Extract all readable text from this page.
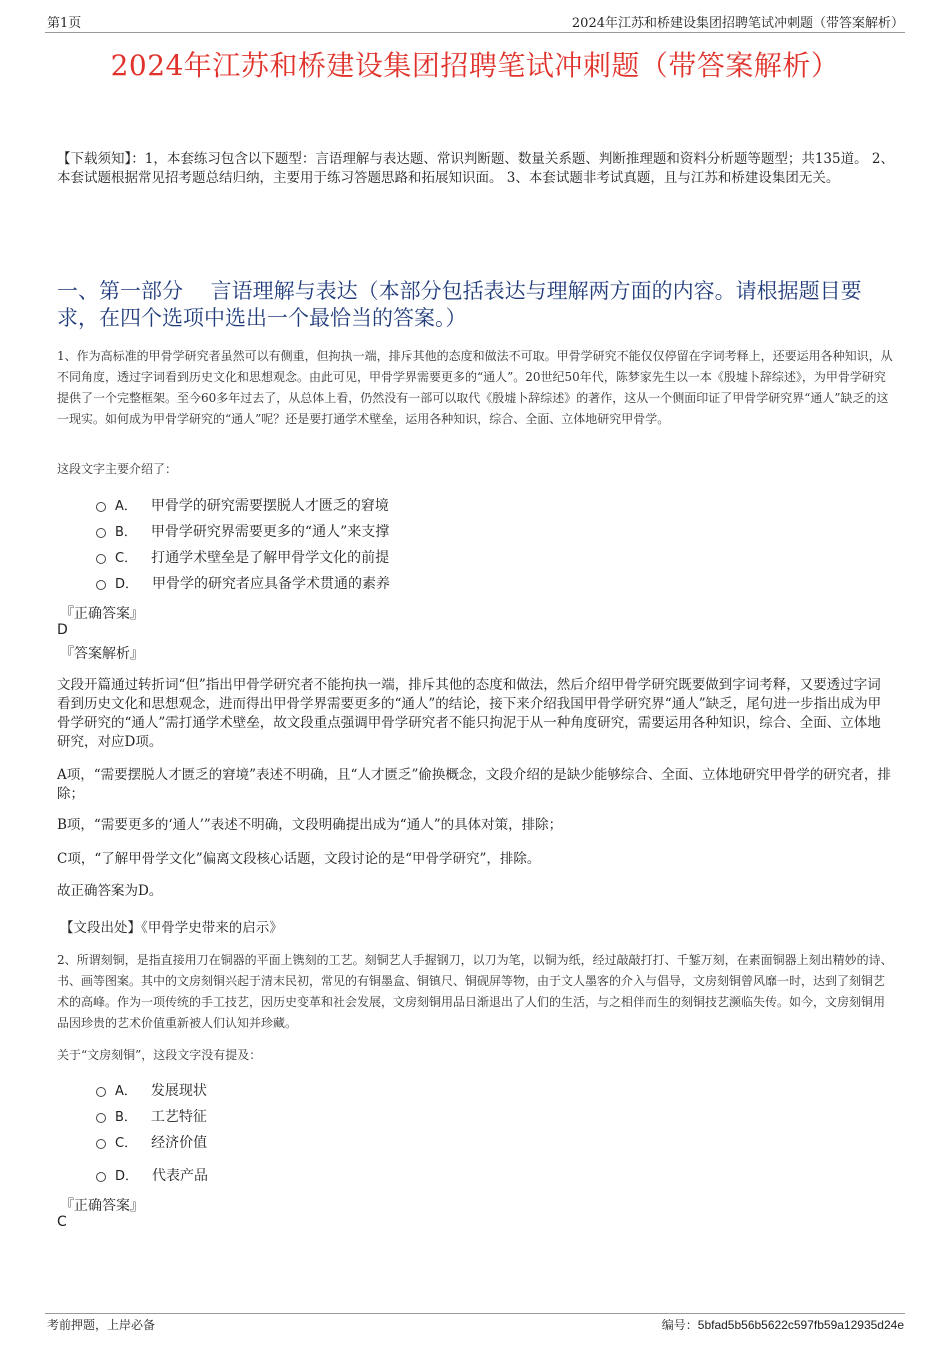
第1页	2024年江苏和桥建设集团招聘笔试冲刺题（带答案解析）
2024年江苏和桥建设集团招聘笔试冲刺题（带答案解析）
【下载须知】：1，本套练习包含以下题型：言语理解与表达题、常识判断题、数量关系题、判断推理题和资料分析题等题型；共135道。 2、本套试题根据常见招考题总结归纳，主要用于练习答题思路和拓展知识面。 3、本套试题非考试真题，且与江苏和桥建设集团无关。
一、第一部分　 言语理解与表达（本部分包括表达与理解两方面的内容。请根据题目要求，在四个选项中选出一个最恰当的答案。）
1、作为高标准的甲骨学研究者虽然可以有侧重，但拘执一端，排斥其他的态度和做法不可取。甲骨学研究不能仅仅停留在字词考释上，还要运用各种知识，从不同角度，透过字词看到历史文化和思想观念。由此可见，甲骨学界需要更多的“通人”。20世纪50年代，陈梦家先生以一本《殷墟卜辞综述》，为甲骨学研究提供了一个完整框架。至今60多年过去了，从总体上看，仍然没有一部可以取代《殷墟卜辞综述》的著作，这从一个侧面印证了甲骨学研究界“通人”缺乏的这一现实。如何成为甲骨学研究的“通人”呢？还是要打通学术壁垒，运用各种知识，综合、全面、立体地研究甲骨学。
这段文字主要介绍了：
A． 甲骨学的研究需要摆脱人才匮乏的窘境
B． 甲骨学研究界需要更多的“通人”来支撑
C． 打通学术壁垒是了解甲骨学文化的前提
D． 甲骨学的研究者应具备学术贯通的素养
『正确答案』
D
『答案解析』
文段开篇通过转折词“但”指出甲骨学研究者不能拘执一端，排斥其他的态度和做法，然后介绍甲骨学研究既要做到字词考释，又要透过字词看到历史文化和思想观念，进而得出甲骨学界需要更多的“通人”的结论，接下来介绍我国甲骨学研究界“通人”缺乏，尾句进一步指出成为甲骨学研究的“通人”需打通学术壁垒，故文段重点强调甲骨学研究者不能只拘泥于从一种角度研究，需要运用各种知识，综合、全面、立体地研究，对应D项。
A项，“需要摆脱人才匮乏的窘境”表述不明确，且“人才匮乏”偷换概念，文段介绍的是缺少能够综合、全面、立体地研究甲骨学的研究者，排除；
B项，“需要更多的‘通人’”表述不明确，文段明确提出成为“通人”的具体对策，排除；
C项，“了解甲骨学文化”偏离文段核心话题，文段讨论的是“甲骨学研究”，排除。
故正确答案为D。
【文段出处】《甲骨学史带来的启示》
2、所谓刻铜，是指直接用刀在铜器的平面上镌刻的工艺。刻铜艺人手握钢刀，以刀为笔，以铜为纸，经过敲敲打打、千錾万刻，在素面铜器上刻出精妙的诗、书、画等图案。其中的文房刻铜兴起于清末民初，常见的有铜墨盒、铜镇尺、铜砚屏等物，由于文人墨客的介入与倡导，文房刻铜曾风靡一时，达到了刻铜艺术的高峰。作为一项传统的手工技艺，因历史变革和社会发展，文房刻铜用品日渐退出了人们的生活，与之相伴而生的刻铜技艺濒临失传。如今，文房刻铜用品因珍贵的艺术价值重新被人们认知并珍藏。
关于“文房刻铜”，这段文字没有提及：
A． 发展现状
B． 工艺特征
C． 经济价值
D． 代表产品
『正确答案』
C
考前押题，上岸必备	编号：5bfad5b56b5622c597fb59a12935d24e
